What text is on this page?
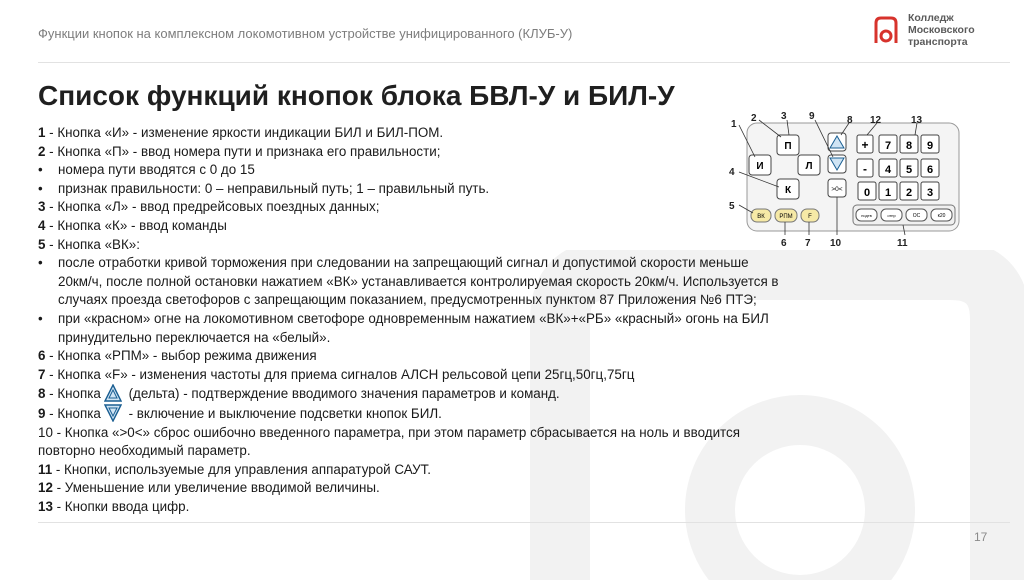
Функции кнопок на комплексном локомотивном устройстве унифицированного (КЛУБ-У)
Колледж
Московского
транспорта
Список функций кнопок блока БВЛ-У и БИЛ-У
1 - Кнопка «И» - изменение яркости индикации БИЛ и БИЛ-ПОМ.
2 - Кнопка «П» - ввод номера пути и признака его правильности;
• номера пути вводятся с 0 до 15
• признак правильности: 0 – неправильный путь; 1 – правильный путь.
3 - Кнопка «Л» - ввод предрейсовых поездных данных;
4 - Кнопка «К» - ввод команды
5 - Кнопка «ВК»:
• после отработки кривой торможения при следовании на запрещающий сигнал и допустимой скорости меньше
20км/ч, после полной остановки нажатием «ВК» устанавливается контролируемая скорость 20км/ч. Используется в
случаях проезда светофоров с запрещающим показанием, предусмотренных пунктом 87 Приложения №6 ПТЭ;
• при «красном» огне на локомотивном светофоре одновременным нажатием «ВК»+«РБ» «красный» огонь на БИЛ
принудительно переключается на «белый».
6 - Кнопка «РПМ» - выбор режима движения
7 - Кнопка «F» - изменения частоты для приема сигналов АЛСН рельсовой цепи 25гц,50гц,75гц
8 - Кнопка (дельта) - подтверждение вводимого значения параметров и команд.
9 - Кнопка - включение и выключение подсветки кнопок БИЛ.
10 - Кнопка «>0<» сброс ошибочно введенного параметра, при этом параметр сбрасывается на ноль и вводится
повторно необходимый параметр.
11 - Кнопки, используемые для управления аппаратурой САУТ.
12 - Уменьшение или увеличение вводимой величины.
13 - Кнопки ввода цифр.
И
П
Л
К	>0<
+
-
7 8 9
4 5 6
0 1 2 3
ВК РПМ	F	подтв	отпр	ОС	к20
1
2 3 9	8 12	13
4
5
6 7 10	11
17
